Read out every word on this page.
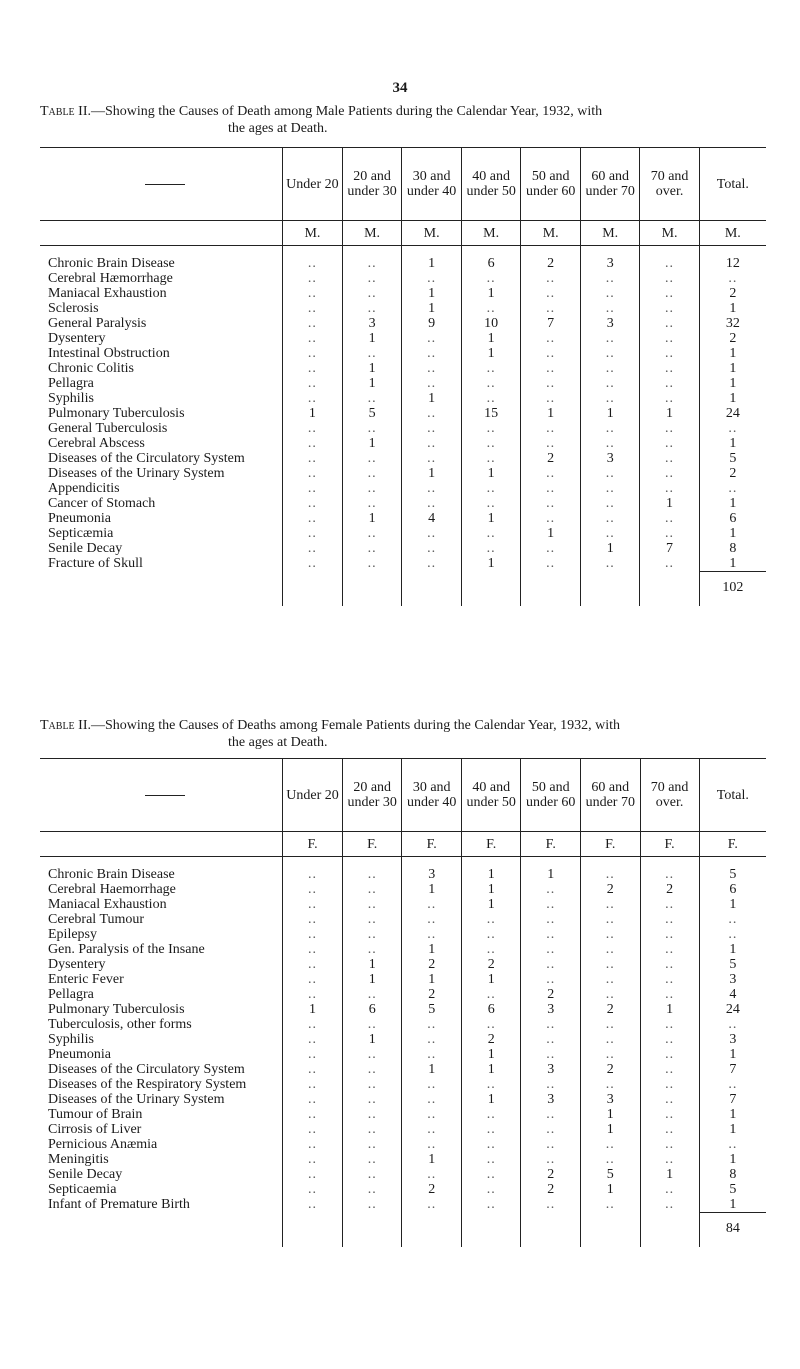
34
Table II.—Showing the Causes of Death among Male Patients during the Calendar Year, 1932, with
the ages at Death.
	Under 20	20 and under 30	30 and under 40	40 and under 50	50 and under 60	60 and under 70	70 and over.	Total.
	M.	M.	M.	M.	M.	M.	M.	M.
Chronic Brain Disease	..	..	1	6	2	3	..	12
Cerebral Hæmorrhage	..	..	..	..	..	..	..	..
Maniacal Exhaustion	..	..	1	1	..	..	..	2
Sclerosis	..	..	1	..	..	..	..	1
General Paralysis	..	3	9	10	7	3	..	32
Dysentery	..	1	..	1	..	..	..	2
Intestinal Obstruction	..	..	..	1	..	..	..	1
Chronic Colitis	..	1	..	..	..	..	..	1
Pellagra	..	1	..	..	..	..	..	1
Syphilis	..	..	1	..	..	..	..	1
Pulmonary Tuberculosis	1	5	..	15	1	1	1	24
General Tuberculosis	..	..	..	..	..	..	..	..
Cerebral Abscess	..	1	..	..	..	..	..	1
Diseases of the Circulatory System	..	..	..	..	2	3	..	5
Diseases of the Urinary System	..	..	1	1	..	..	..	2
Appendicitis	..	..	..	..	..	..	..	..
Cancer of Stomach	..	..	..	..	..	..	1	1
Pneumonia	..	1	4	1	..	..	..	6
Septicæmia	..	..	..	..	1	..	..	1
Senile Decay	..	..	..	..	..	1	7	8
Fracture of Skull	..	..	..	1	..	..	..	1
								102
Table II.—Showing the Causes of Deaths among Female Patients during the Calendar Year, 1932, with
the ages at Death.
	Under 20	20 and under 30	30 and under 40	40 and under 50	50 and under 60	60 and under 70	70 and over.	Total.
	F.	F.	F.	F.	F.	F.	F.	F.
Chronic Brain Disease	..	..	3	1	1	..	..	5
Cerebral Haemorrhage	..	..	1	1	..	2	2	6
Maniacal Exhaustion	..	..	..	1	..	..	..	1
Cerebral Tumour	..	..	..	..	..	..	..	..
Epilepsy	..	..	..	..	..	..	..	..
Gen. Paralysis of the Insane	..	..	1	..	..	..	..	1
Dysentery	..	1	2	2	..	..	..	5
Enteric Fever	..	1	1	1	..	..	..	3
Pellagra	..	..	2	..	2	..	..	4
Pulmonary Tuberculosis	1	6	5	6	3	2	1	24
Tuberculosis, other forms	..	..	..	..	..	..	..	..
Syphilis	..	1	..	2	..	..	..	3
Pneumonia	..	..	..	1	..	..	..	1
Diseases of the Circulatory System	..	..	1	1	3	2	..	7
Diseases of the Respiratory System	..	..	..	..	..	..	..	..
Diseases of the Urinary System	..	..	..	1	3	3	..	7
Tumour of Brain	..	..	..	..	..	1	..	1
Cirrosis of Liver	..	..	..	..	..	1	..	1
Pernicious Anæmia	..	..	..	..	..	..	..	..
Meningitis	..	..	1	..	..	..	..	1
Senile Decay	..	..	..	..	2	5	1	8
Septicaemia	..	..	2	..	2	1	..	5
Infant of Premature Birth	..	..	..	..	..	..	..	1
								84
